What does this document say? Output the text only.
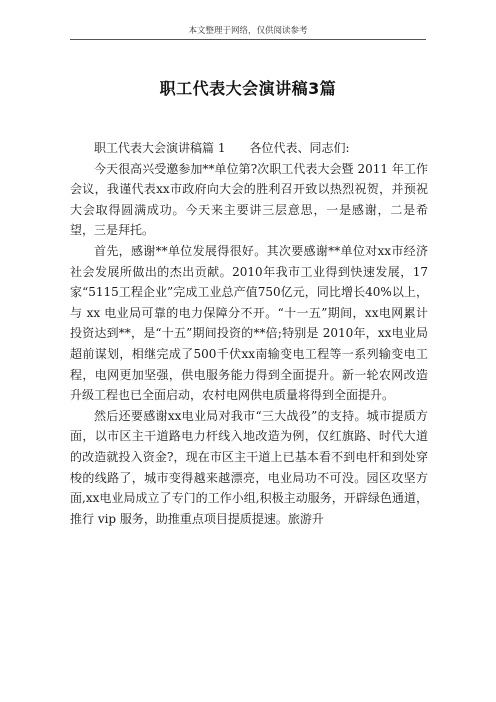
本文整理于网络，仅供阅读参考
职工代表大会演讲稿3篇

职工代表大会演讲稿篇 1 各位代表、同志们:

今天很高兴受邀参加**单位第?次职工代表大会暨 2011 年工作会议，我谨代表xx市政府向大会的胜利召开致以热烈祝贺，并预祝大会取得圆满成功。今天来主要讲三层意思，一是感谢，二是希望，三是拜托。

首先，感谢**单位发展得很好。其次要感谢**单位对xx市经济社会发展所做出的杰出贡献。2010年我市工业得到快速发展，17家“5115工程企业”完成工业总产值750亿元，同比增长40%以上，与 xx 电业局可靠的电力保障分不开。“十一五”期间，xx电网累计投资达到**，是“十五”期间投资的**倍;特别是 2010年，xx电业局超前谋划，相继完成了500千伏xx南输变电工程等一系列输变电工程，电网更加坚强，供电服务能力得到全面提升。新一轮农网改造升级工程也已全面启动，农村电网供电质量将得到全面提升。

然后还要感谢xx电业局对我市“三大战役”的支持。城市提质方面，以市区主干道路电力杆线入地改造为例，仅红旗路、时代大道的改造就投入资金?，现在市区主干道上已基本看不到电杆和到处穿梭的线路了，城市变得越来越漂亮，电业局功不可没。园区攻坚方面,xx电业局成立了专门的工作小组,积极主动服务，开辟绿色通道，推行 vip 服务，助推重点项目提质提速。旅游升
